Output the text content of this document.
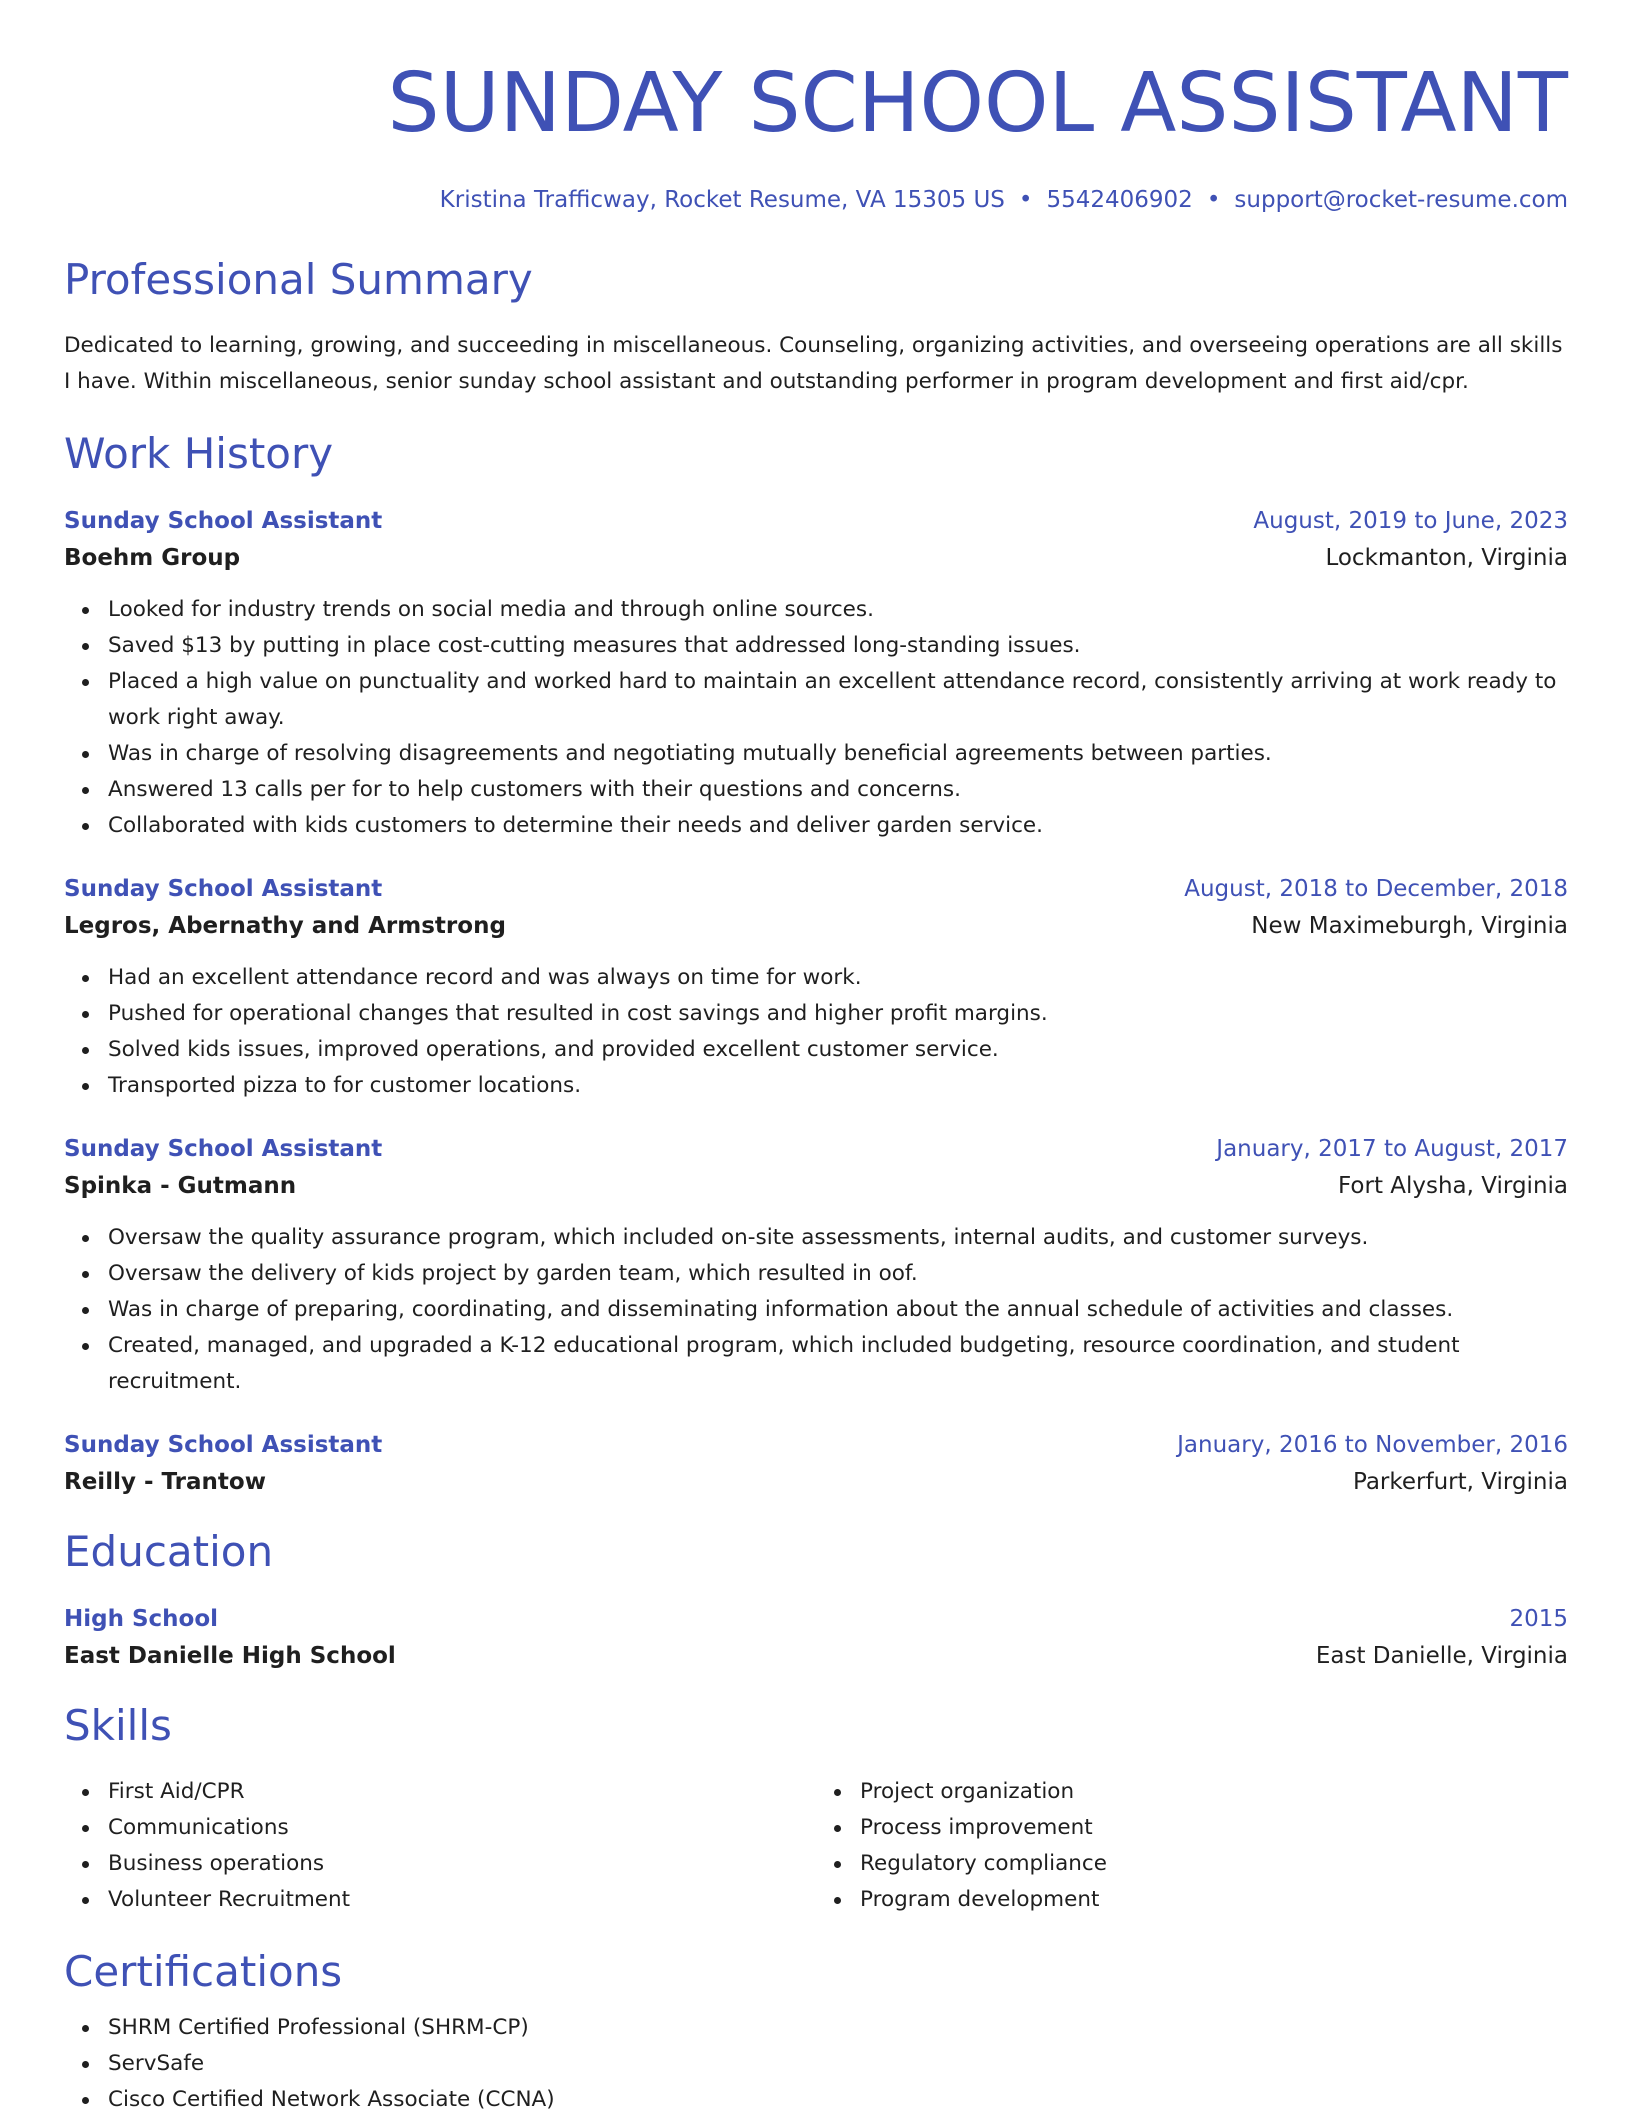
SUNDAY SCHOOL ASSISTANT
Kristina Trafficway, Rocket Resume, VA 15305 US • 5542406902 • support@rocket-resume.com
Professional Summary
Dedicated to learning, growing, and succeeding in miscellaneous. Counseling, organizing activities, and overseeing operations are all skills I have. Within miscellaneous, senior sunday school assistant and outstanding performer in program development and first aid/cpr.
Work History
Sunday School Assistant	August, 2019 to June, 2023
Boehm Group	Lockmanton, Virginia
Looked for industry trends on social media and through online sources.
Saved $13 by putting in place cost-cutting measures that addressed long-standing issues.
Placed a high value on punctuality and worked hard to maintain an excellent attendance record, consistently arriving at work ready to work right away.
Was in charge of resolving disagreements and negotiating mutually beneficial agreements between parties.
Answered 13 calls per for to help customers with their questions and concerns.
Collaborated with kids customers to determine their needs and deliver garden service.
Sunday School Assistant	August, 2018 to December, 2018
Legros, Abernathy and Armstrong	New Maximeburgh, Virginia
Had an excellent attendance record and was always on time for work.
Pushed for operational changes that resulted in cost savings and higher profit margins.
Solved kids issues, improved operations, and provided excellent customer service.
Transported pizza to for customer locations.
Sunday School Assistant	January, 2017 to August, 2017
Spinka - Gutmann	Fort Alysha, Virginia
Oversaw the quality assurance program, which included on-site assessments, internal audits, and customer surveys.
Oversaw the delivery of kids project by garden team, which resulted in oof.
Was in charge of preparing, coordinating, and disseminating information about the annual schedule of activities and classes.
Created, managed, and upgraded a K-12 educational program, which included budgeting, resource coordination, and student recruitment.
Sunday School Assistant	January, 2016 to November, 2016
Reilly - Trantow	Parkerfurt, Virginia
Education
High School	2015
East Danielle High School	East Danielle, Virginia
Skills
First Aid/CPR
Communications
Business operations
Volunteer Recruitment
Project organization
Process improvement
Regulatory compliance
Program development
Certifications
SHRM Certified Professional (SHRM-CP)
ServSafe
Cisco Certified Network Associate (CCNA)
